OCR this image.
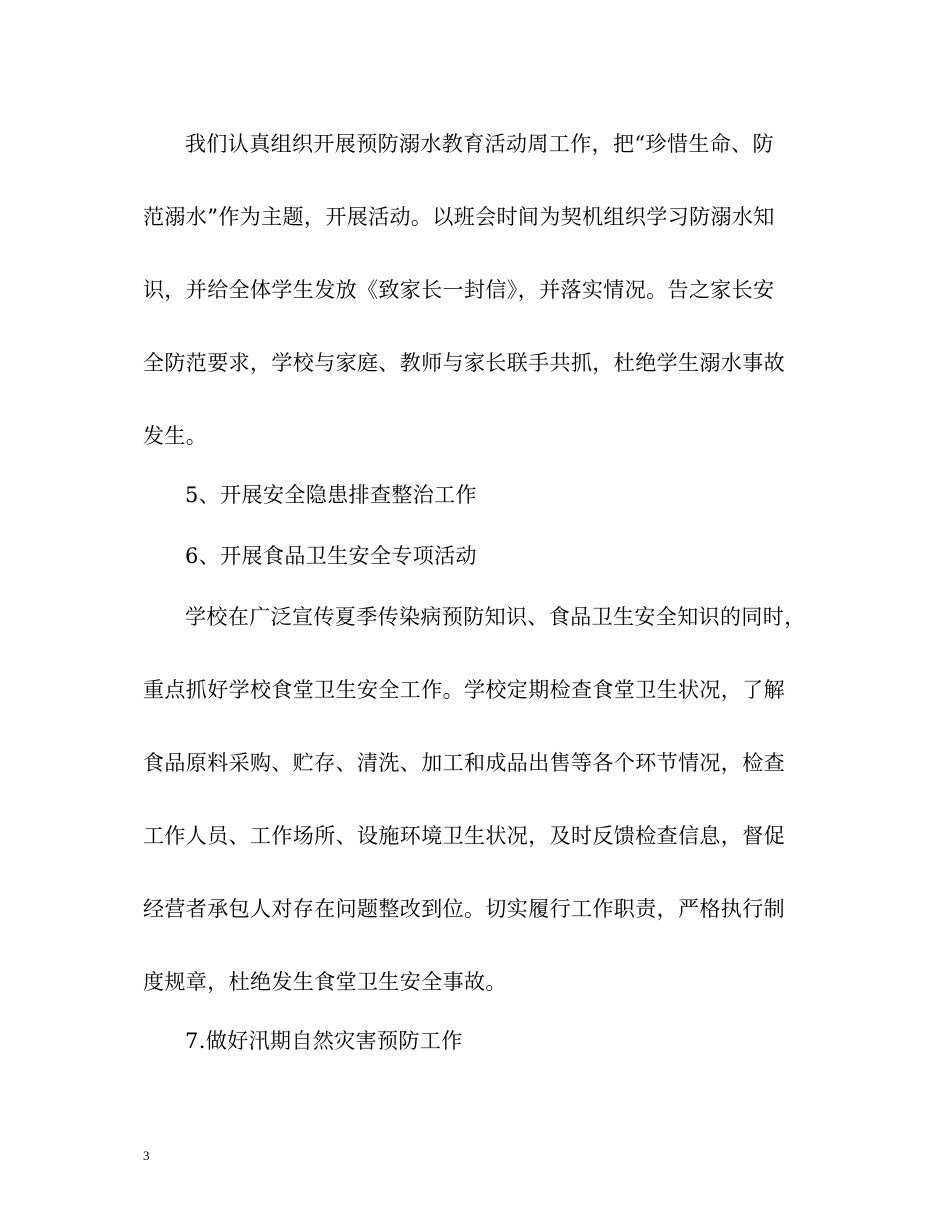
我们认真组织开展预防溺水教育活动周工作，把“珍惜生命、防
范溺水”作为主题，开展活动。以班会时间为契机组织学习防溺水知
识，并给全体学生发放《致家长一封信》，并落实情况。告之家长安
全防范要求，学校与家庭、教师与家长联手共抓，杜绝学生溺水事故
发生。
5、开展安全隐患排查整治工作
6、开展食品卫生安全专项活动
学校在广泛宣传夏季传染病预防知识、食品卫生安全知识的同时，
重点抓好学校食堂卫生安全工作。学校定期检查食堂卫生状况，了解
食品原料采购、贮存、清洗、加工和成品出售等各个环节情况，检查
工作人员、工作场所、设施环境卫生状况，及时反馈检查信息，督促
经营者承包人对存在问题整改到位。切实履行工作职责，严格执行制
度规章，杜绝发生食堂卫生安全事故。
7.做好汛期自然灾害预防工作
3
